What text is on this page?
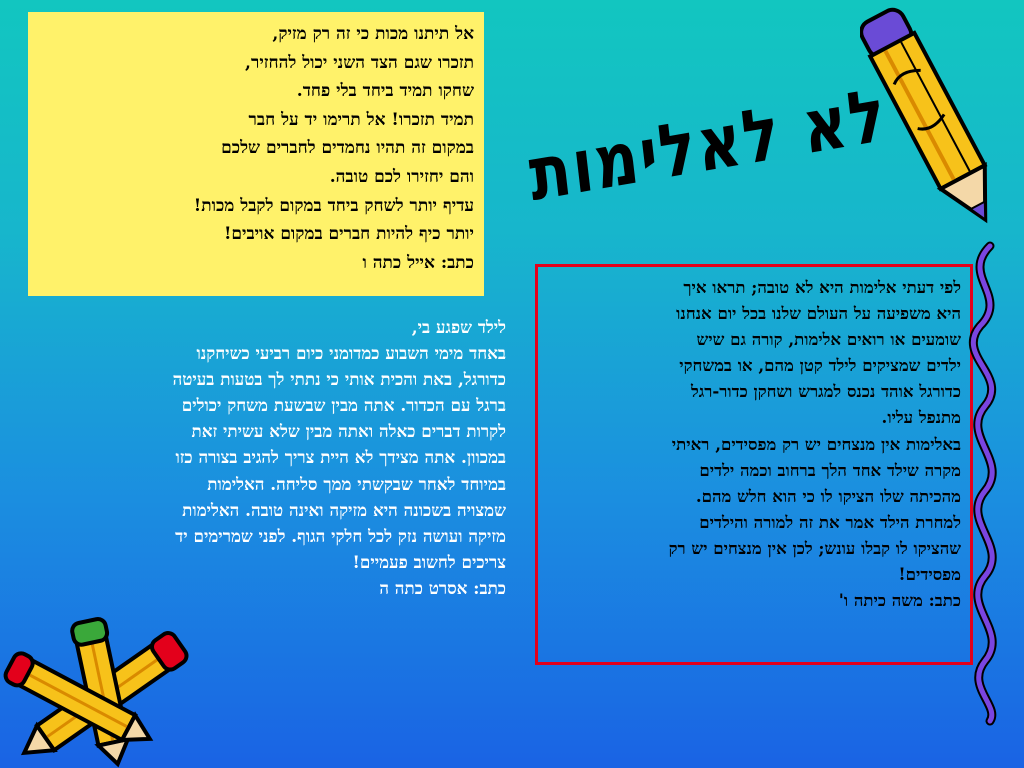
לא לאלימות
אל תיתנו מכות כי זה רק מזיק,
תזכרו שגם הצד השני יכול להחזיר,
שחקו תמיד ביחד בלי פחד.
תמיד תזכרו! אל תרימו יד על חבר
במקום זה תהיו נחמדים לחברים שלכם
והם יחזירו לכם טובה.
עדיף יותר לשחק ביחד במקום לקבל מכות!
יותר כיף להיות חברים במקום אויבים!
כתב: אייל כתה ו
לילד שפגע בי,
באחד מימי השבוע כמדומני כיום רביעי כשיחקנו
כדורגל, באת והכית אותי כי נתתי לך בטעות בעיטה
ברגל עם הכדור. אתה מבין שבשעת משחק יכולים
לקרות דברים כאלה ואתה מבין שלא עשיתי זאת
במכוון. אתה מצידך לא היית צריך להגיב בצורה כזו
במיוחד לאחר שבקשתי ממך סליחה. האלימות
שמצויה בשכונה היא מזיקה ואינה טובה. האלימות
מזיקה ועושה נזק לכל חלקי הגוף. לפני שמרימים יד
צריכים לחשוב פעמיים!
כתב: אסרט כתה ה
לפי דעתי אלימות היא לא טובה; תראו איך
היא משפיעה על העולם שלנו בכל יום אנחנו
שומעים או רואים אלימות, קורה גם שיש
ילדים שמציקים לילד קטן מהם, או במשחקי
כדורגל אוהד נכנס למגרש ושחקן כדור-רגל
מתנפל עליו.
באלימות אין מנצחים יש רק מפסידים, ראיתי
מקרה שילד אחד הלך ברחוב וכמה ילדים
מהכיתה שלו הציקו לו כי הוא חלש מהם.
למחרת הילד אמר את זה למורה והילדים
שהציקו לו קבלו עונש; לכן אין מנצחים יש רק
מפסידים!
כתב: משה כיתה ו'
